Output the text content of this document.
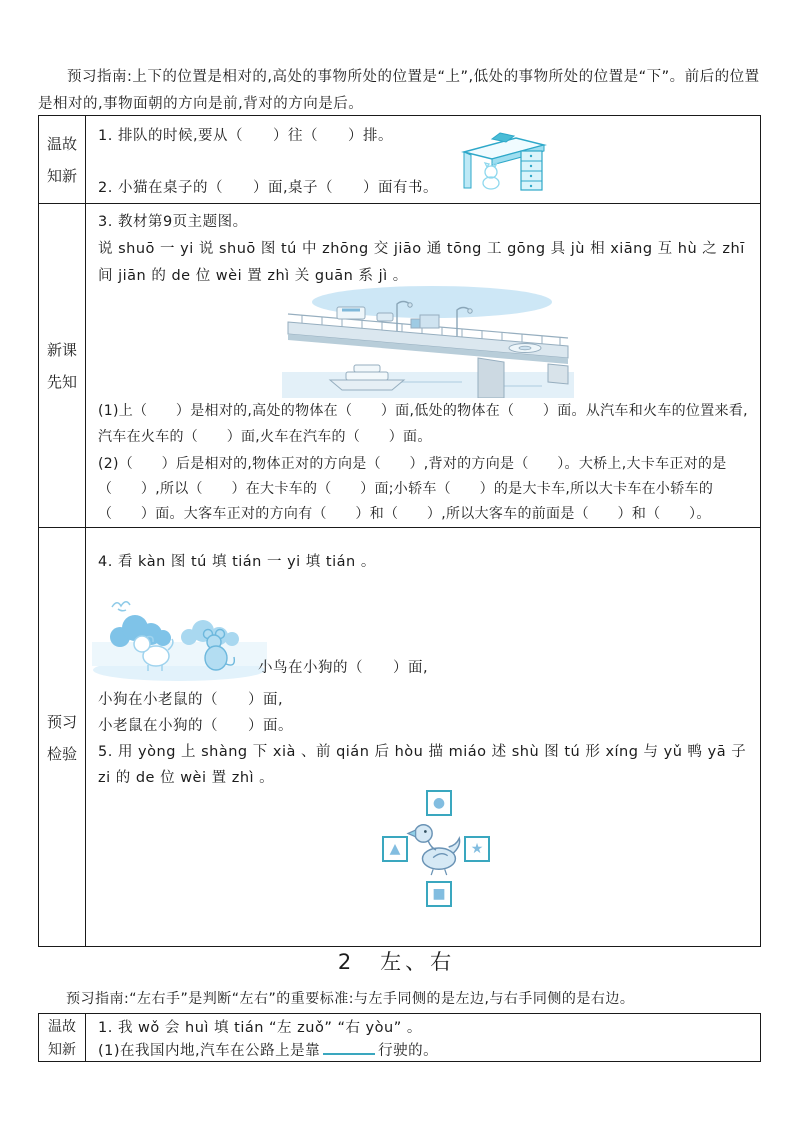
预习指南:上下的位置是相对的,高处的事物所处的位置是“上”,低处的事物所处的位置是“下”。前后的位置是相对的,事物面朝的方向是前,背对的方向是后。

温故
知新
1. 排队的时候,要从（　　）往（　　）排。
2. 小猫在桌子的（　　）面,桌子（　　）面有书。
新课
先知
3. 教材第9页主题图。
说 shuō 一 yi 说 shuō 图 tú 中 zhōng 交 jiāo 通 tōng 工 gōng 具 jù 相 xiāng 互 hù 之 zhī
间 jiān 的 de 位 wèi 置 zhì 关 guān 系 jì 。
(1)上（　　）是相对的,高处的物体在（　　）面,低处的物体在（　　）面。从汽车和火车的位置来看,汽车在火车的（　　）面,火车在汽车的（　　）面。
(2)（　　）后是相对的,物体正对的方向是（　　）,背对的方向是（　　）。大桥上,大卡车正对的是（　　）,所以（　　）在大卡车的（　　）面;小轿车（　　）的是大卡车,所以大卡车在小轿车的（　　）面。大客车正对的方向有（　　）和（　　）,所以大客车的前面是（　　）和（　　）。
预习
检验
4. 看 kàn 图 tú 填 tián 一 yi 填 tián 。
小鸟在小狗的（　　）面,
小狗在小老鼠的（　　）面,
小老鼠在小狗的（　　）面。
5. 用 yòng 上 shàng 下 xià 、前 qián 后 hòu 描 miáo 述 shù 图 tú 形 xíng 与 yǔ 鸭 yā 子
zi 的 de 位 wèi 置 zhì 。
●
▲	★
■
2　左、右

预习指南:“左右手”是判断“左右”的重要标准:与左手同侧的是左边,与右手同侧的是右边。

温故
知新
1. 我 wǒ 会 huì 填 tián “左 zuǒ” “右 yòu” 。
(1)在我国内地,汽车在公路上是靠	行驶的。
